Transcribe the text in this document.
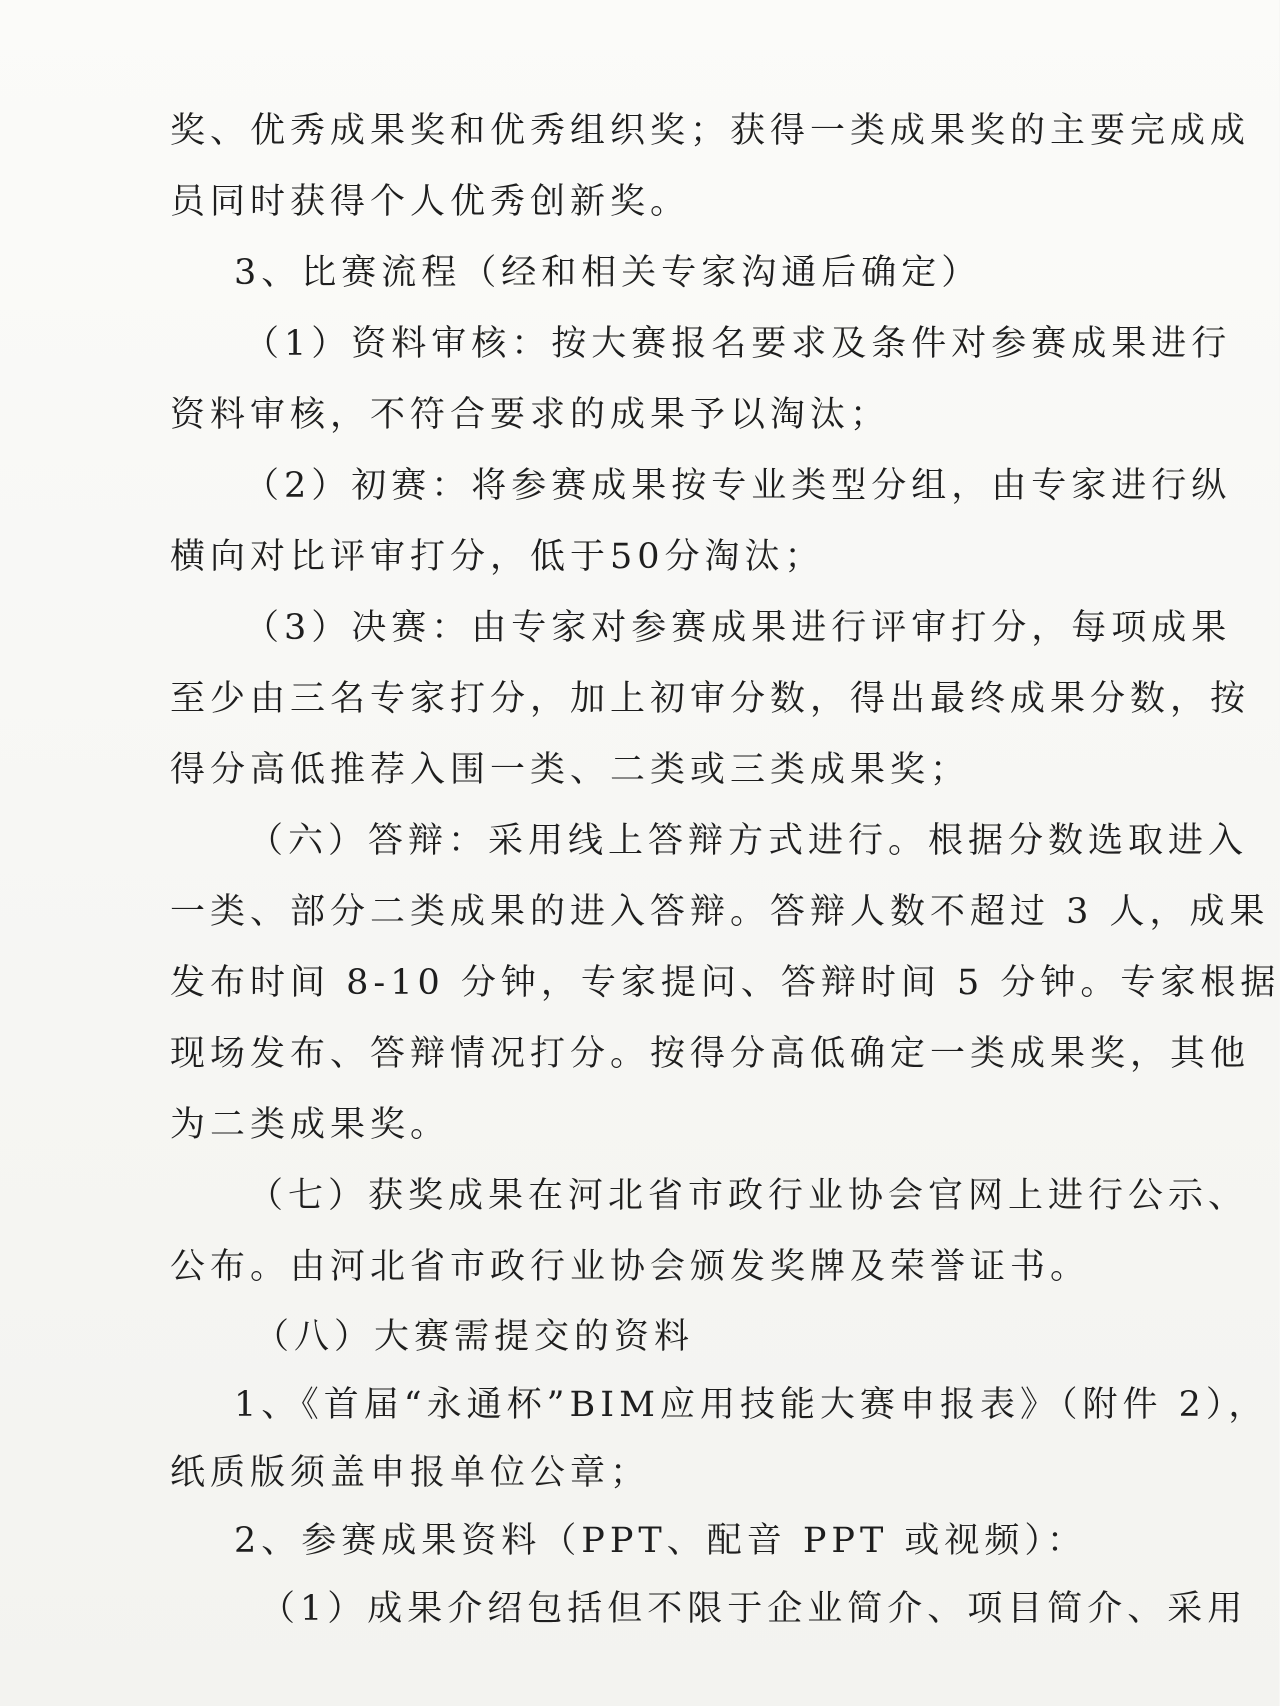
奖、优秀成果奖和优秀组织奖；获得一类成果奖的主要完成成
员同时获得个人优秀创新奖。
3、比赛流程（经和相关专家沟通后确定）
（1）资料审核：按大赛报名要求及条件对参赛成果进行
资料审核，不符合要求的成果予以淘汰；
（2）初赛：将参赛成果按专业类型分组，由专家进行纵
横向对比评审打分，低于50分淘汰；
（3）决赛：由专家对参赛成果进行评审打分，每项成果
至少由三名专家打分，加上初审分数，得出最终成果分数，按
得分高低推荐入围一类、二类或三类成果奖；
（六）答辩：采用线上答辩方式进行。根据分数选取进入
一类、部分二类成果的进入答辩。答辩人数不超过 3 人，成果
发布时间 8-10 分钟，专家提问、答辩时间 5 分钟。专家根据
现场发布、答辩情况打分。按得分高低确定一类成果奖，其他
为二类成果奖。
（七）获奖成果在河北省市政行业协会官网上进行公示、
公布。由河北省市政行业协会颁发奖牌及荣誉证书。
（八）大赛需提交的资料
1、《首届“永通杯”BIM应用技能大赛申报表》（附件 2），
纸质版须盖申报单位公章；
2、参赛成果资料（PPT、配音 PPT 或视频）：
（1）成果介绍包括但不限于企业简介、项目简介、采用
